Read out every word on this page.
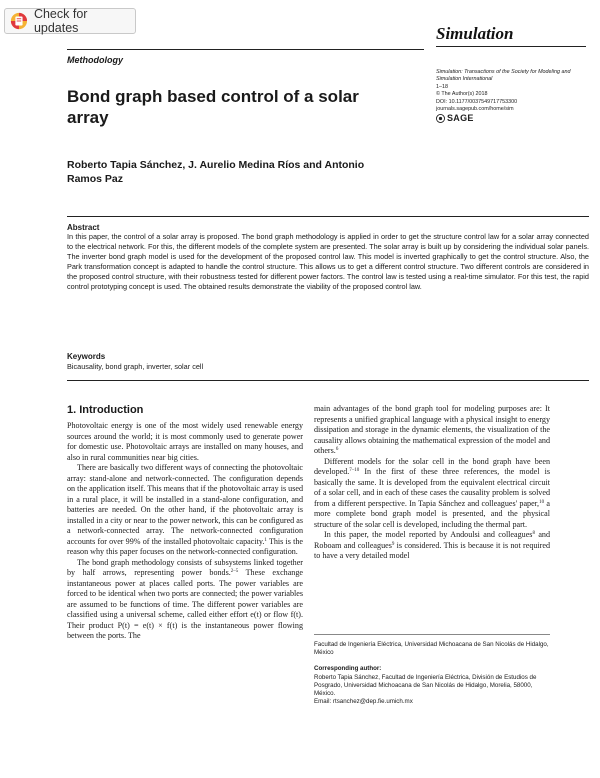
Check for updates	Simulation
Methodology
Simulation: Transactions of the Society for Modeling and Simulation International
1–18
© The Author(s) 2018
DOI: 10.1177/0037549717753300
journals.sagepub.com/home/sim
SAGE
Bond graph based control of a solar array
Roberto Tapia Sánchez, J. Aurelio Medina Ríos and Antonio Ramos Paz
Abstract
In this paper, the control of a solar array is proposed. The bond graph methodology is applied in order to get the structure control law for a solar array connected to the electrical network. For this, the different models of the complete system are presented. The solar array is built up by considering the individual solar panels. The inverter bond graph model is used for the development of the proposed control law. This model is inverted graphically to get the control structure. Also, the Park transformation concept is adapted to handle the control structure. This allows us to get a different control structure. Two different controls are considered in the proposed control structure, with their robustness tested for different power factors. The control law is tested using a real-time simulator. For this test, the rapid control prototyping concept is used. The obtained results demonstrate the viability of the proposed control law.
Keywords
Bicausality, bond graph, inverter, solar cell
1. Introduction

Photovoltaic energy is one of the most widely used renewable energy sources around the world; it is most commonly used to generate power for domestic use. Photovoltaic arrays are installed on many houses, and also in rural communities near big cities.

There are basically two different ways of connecting the photovoltaic array: stand-alone and network-connected. The configuration depends on the application itself. This means that if the photovoltaic array is used in a rural place, it will be installed in a stand-alone configuration, and batteries are needed. On the other hand, if the photovoltaic array is installed in a city or near to the power network, this can be configured as a network-connected array. The network-connected configuration accounts for over 99% of the installed photovoltaic capacity.$^1$ This is the reason why this paper focuses on the network-connected configuration.

The bond graph methodology consists of subsystems linked together by half arrows, representing power bonds.$^{2-5}$ These exchange instantaneous power at places called ports. The power variables are forced to be identical when two ports are connected; the power variables are assumed to be functions of time. The different power variables are classified using a universal scheme, called either effort e(t) or flow f(t). Their product P(t) = e(t) × f(t) is the instantaneous power flowing between the ports. The

main advantages of the bond graph tool for modeling purposes are: It represents a unified graphical language with a physical insight to energy dissipation and storage in the dynamic elements, the visualization of the causality allows obtaining the mathematical expression of the model and others.$^6$

Different models for the solar cell in the bond graph have been developed.$^{7-10}$ In the first of these three references, the model is basically the same. It is developed from the equivalent electrical circuit of a solar cell, and in each of these cases the causality problem is solved from a different perspective. In Tapia Sánchez and colleagues' paper,$^{10}$ a more complete bond graph model is presented, and the physical structure of the solar cell is developed, including the thermal part.

In this paper, the model reported by Andoulsi and colleagues$^8$ and Roboam and colleagues$^9$ is considered. This is because it is not required to have a very detailed model

Facultad de Ingeniería Eléctrica, Universidad Michoacana de San Nicolás de Hidalgo, México
Corresponding author:
Roberto Tapia Sánchez, Facultad de Ingeniería Eléctrica, División de Estudios de Posgrado, Universidad Michoacana de San Nicolás de Hidalgo, Morelia, 58000, México.
Email: rtsanchez@dep.fie.umich.mx
